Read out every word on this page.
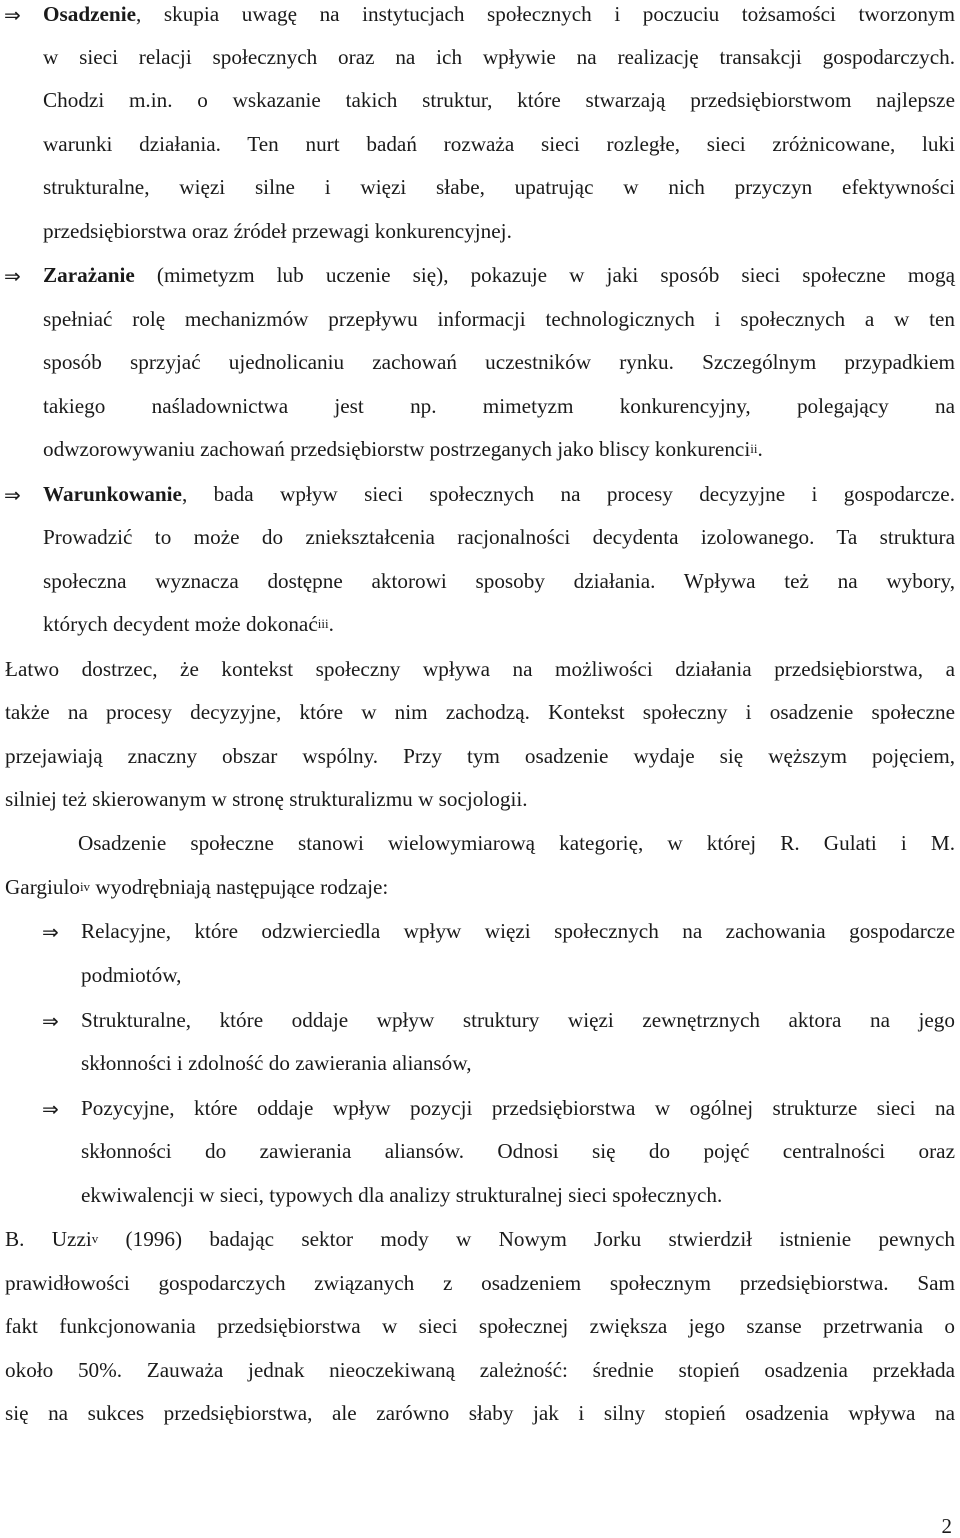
⇒ Osadzenie, skupia uwagę na instytucjach społecznych i poczuciu tożsamości tworzonym
w sieci relacji społecznych oraz na ich wpływie na realizację transakcji gospodarczych.
Chodzi m.in. o wskazanie takich struktur, które stwarzają przedsiębiorstwom najlepsze
warunki działania. Ten nurt badań rozważa sieci rozległe, sieci zróżnicowane, luki
strukturalne, więzi silne i więzi słabe, upatrując w nich przyczyn efektywności
przedsiębiorstwa oraz źródeł przewagi konkurencyjnej.
⇒ Zarażanie (mimetyzm lub uczenie się), pokazuje w jaki sposób sieci społeczne mogą
spełniać rolę mechanizmów przepływu informacji technologicznych i społecznych a w ten
sposób sprzyjać ujednolicaniu zachowań uczestników rynku. Szczególnym przypadkiem
takiego naśladownictwa jest np. mimetyzm konkurencyjny, polegający na
odwzorowywaniu zachowań przedsiębiorstw postrzeganych jako bliscy konkurenci$^{ii}$.
⇒ Warunkowanie, bada wpływ sieci społecznych na procesy decyzyjne i gospodarcze.
Prowadzić to może do zniekształcenia racjonalności decydenta izolowanego. Ta struktura
społeczna wyznacza dostępne aktorowi sposoby działania. Wpływa też na wybory,
których decydent może dokonać$^{iii}$.
Łatwo dostrzec, że kontekst społeczny wpływa na możliwości działania przedsiębiorstwa, a
także na procesy decyzyjne, które w nim zachodzą. Kontekst społeczny i osadzenie społeczne
przejawiają znaczny obszar wspólny. Przy tym osadzenie wydaje się węższym pojęciem,
silniej też skierowanym w stronę strukturalizmu w socjologii.
Osadzenie społeczne stanowi wielowymiarową kategorię, w której R. Gulati i M.
Gargiulo$^{iv}$ wyodrębniają następujące rodzaje:
⇒ Relacyjne, które odzwierciedla wpływ więzi społecznych na zachowania gospodarcze
podmiotów,
⇒ Strukturalne, które oddaje wpływ struktury więzi zewnętrznych aktora na jego
skłonności i zdolność do zawierania aliansów,
⇒ Pozycyjne, które oddaje wpływ pozycji przedsiębiorstwa w ogólnej strukturze sieci na
skłonności do zawierania aliansów. Odnosi się do pojęć centralności oraz
ekwiwalencji w sieci, typowych dla analizy strukturalnej sieci społecznych.
B. Uzzi$^v$ (1996) badając sektor mody w Nowym Jorku stwierdził istnienie pewnych
prawidłowości gospodarczych związanych z osadzeniem społecznym przedsiębiorstwa. Sam
fakt funkcjonowania przedsiębiorstwa w sieci społecznej zwiększa jego szanse przetrwania o
około 50%. Zauważa jednak nieoczekiwaną zależność: średnie stopień osadzenia przekłada
się na sukces przedsiębiorstwa, ale zarówno słaby jak i silny stopień osadzenia wpływa na
2
